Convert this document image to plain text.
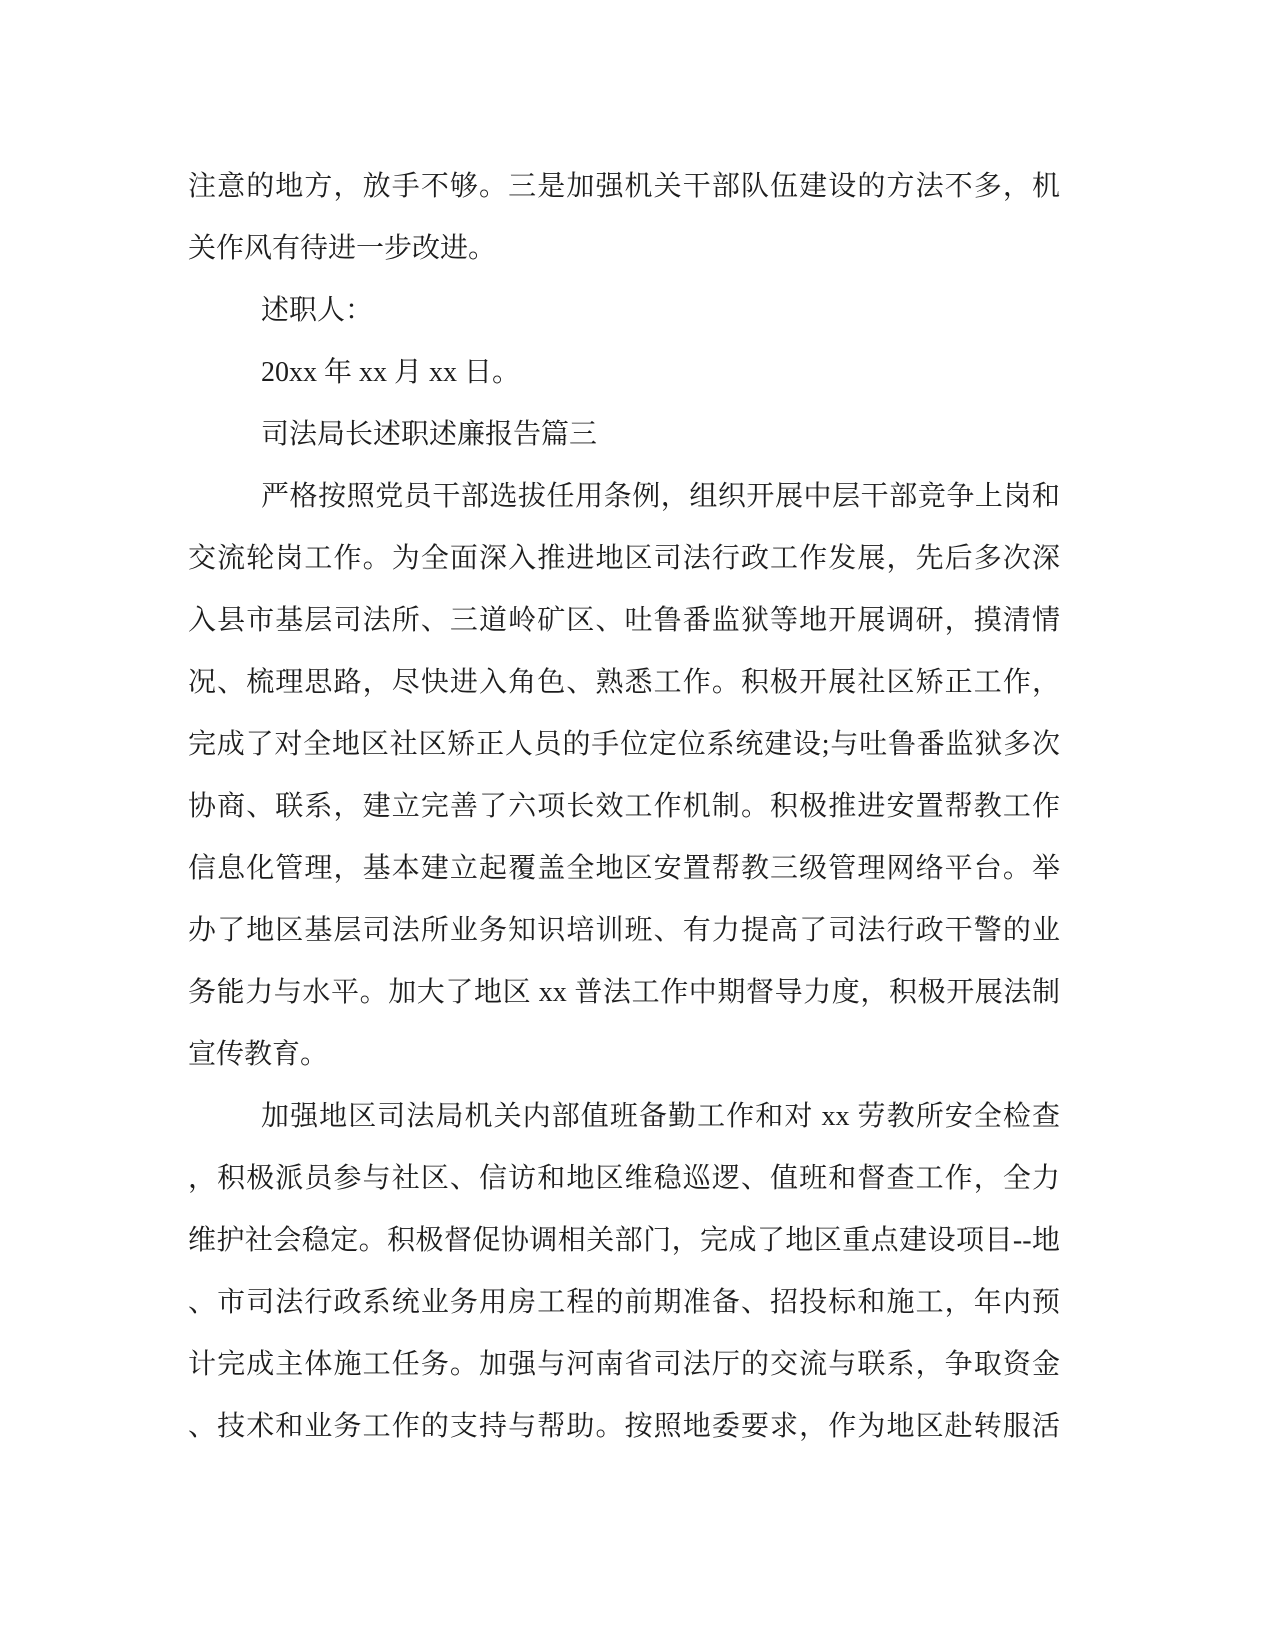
注意的地方，放手不够。三是加强机关干部队伍建设的方法不多，机
关作风有待进一步改进。
述职人：
20xx 年 xx 月 xx 日。
司法局长述职述廉报告篇三
严格按照党员干部选拔任用条例，组织开展中层干部竞争上岗和
交流轮岗工作。为全面深入推进地区司法行政工作发展，先后多次深
入县市基层司法所、三道岭矿区、吐鲁番监狱等地开展调研，摸清情
况、梳理思路，尽快进入角色、熟悉工作。积极开展社区矫正工作，
完成了对全地区社区矫正人员的手位定位系统建设;与吐鲁番监狱多次
协商、联系，建立完善了六项长效工作机制。积极推进安置帮教工作
信息化管理，基本建立起覆盖全地区安置帮教三级管理网络平台。举
办了地区基层司法所业务知识培训班、有力提高了司法行政干警的业
务能力与水平。加大了地区 xx 普法工作中期督导力度，积极开展法制
宣传教育。
加强地区司法局机关内部值班备勤工作和对 xx 劳教所安全检查
，积极派员参与社区、信访和地区维稳巡逻、值班和督查工作，全力
维护社会稳定。积极督促协调相关部门，完成了地区重点建设项目--地
、市司法行政系统业务用房工程的前期准备、招投标和施工，年内预
计完成主体施工任务。加强与河南省司法厅的交流与联系，争取资金
、技术和业务工作的支持与帮助。按照地委要求，作为地区赴转服活
